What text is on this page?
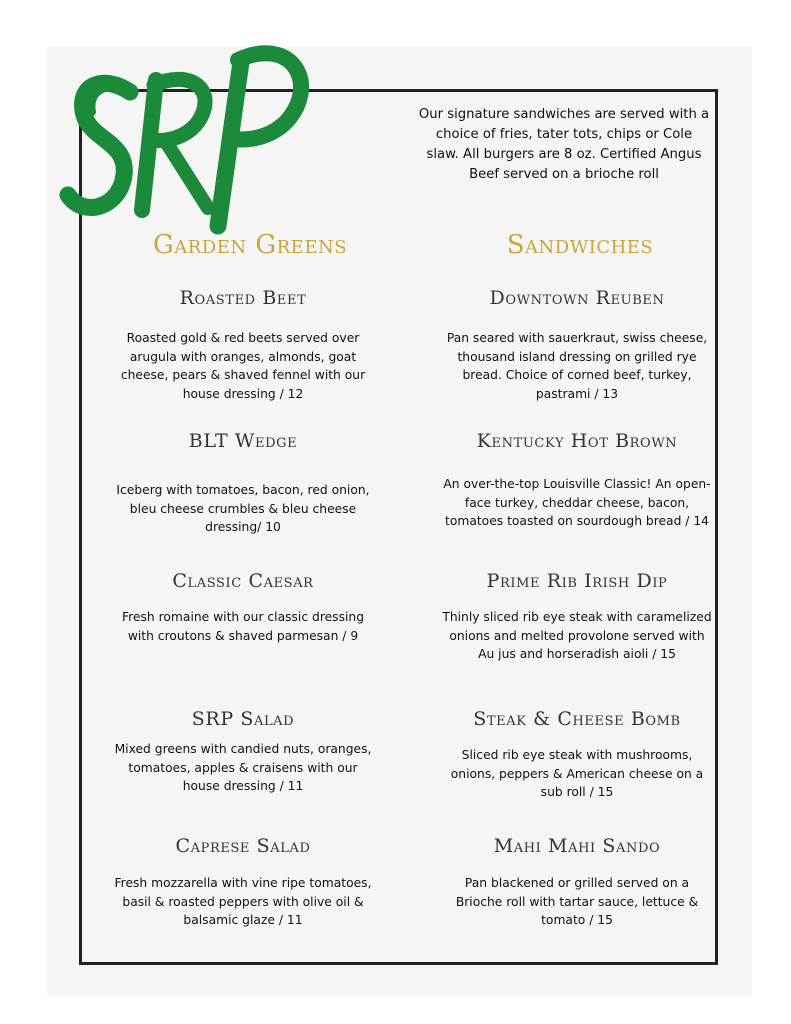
Our signature sandwiches are served with a choice of fries, tater tots, chips or Cole slaw. All burgers are 8 oz. Certified Angus Beef served on a brioche roll
Garden Greens
Roasted Beet
Roasted gold & red beets served over arugula with oranges, almonds, goat cheese, pears & shaved fennel with our house dressing / 12
BLT Wedge
Iceberg with tomatoes, bacon, red onion, bleu cheese crumbles & bleu cheese dressing/ 10
Classic Caesar
Fresh romaine with our classic dressing with croutons & shaved parmesan / 9
SRP Salad
Mixed greens with candied nuts, oranges, tomatoes, apples & craisens with our house dressing / 11
Caprese Salad
Fresh mozzarella with vine ripe tomatoes, basil & roasted peppers with olive oil & balsamic glaze / 11
Sandwiches
Downtown Reuben
Pan seared with sauerkraut, swiss cheese, thousand island dressing on grilled rye bread. Choice of corned beef, turkey, pastrami / 13
Kentucky Hot Brown
An over-the-top Louisville Classic! An open-face turkey, cheddar cheese, bacon, tomatoes toasted on sourdough bread / 14
Prime Rib Irish Dip
Thinly sliced rib eye steak with caramelized onions and melted provolone served with Au jus and horseradish aioli / 15
Steak & Cheese Bomb
Sliced rib eye steak with mushrooms, onions, peppers & American cheese on a sub roll / 15
Mahi Mahi Sando
Pan blackened or grilled served on a Brioche roll with tartar sauce, lettuce & tomato / 15
